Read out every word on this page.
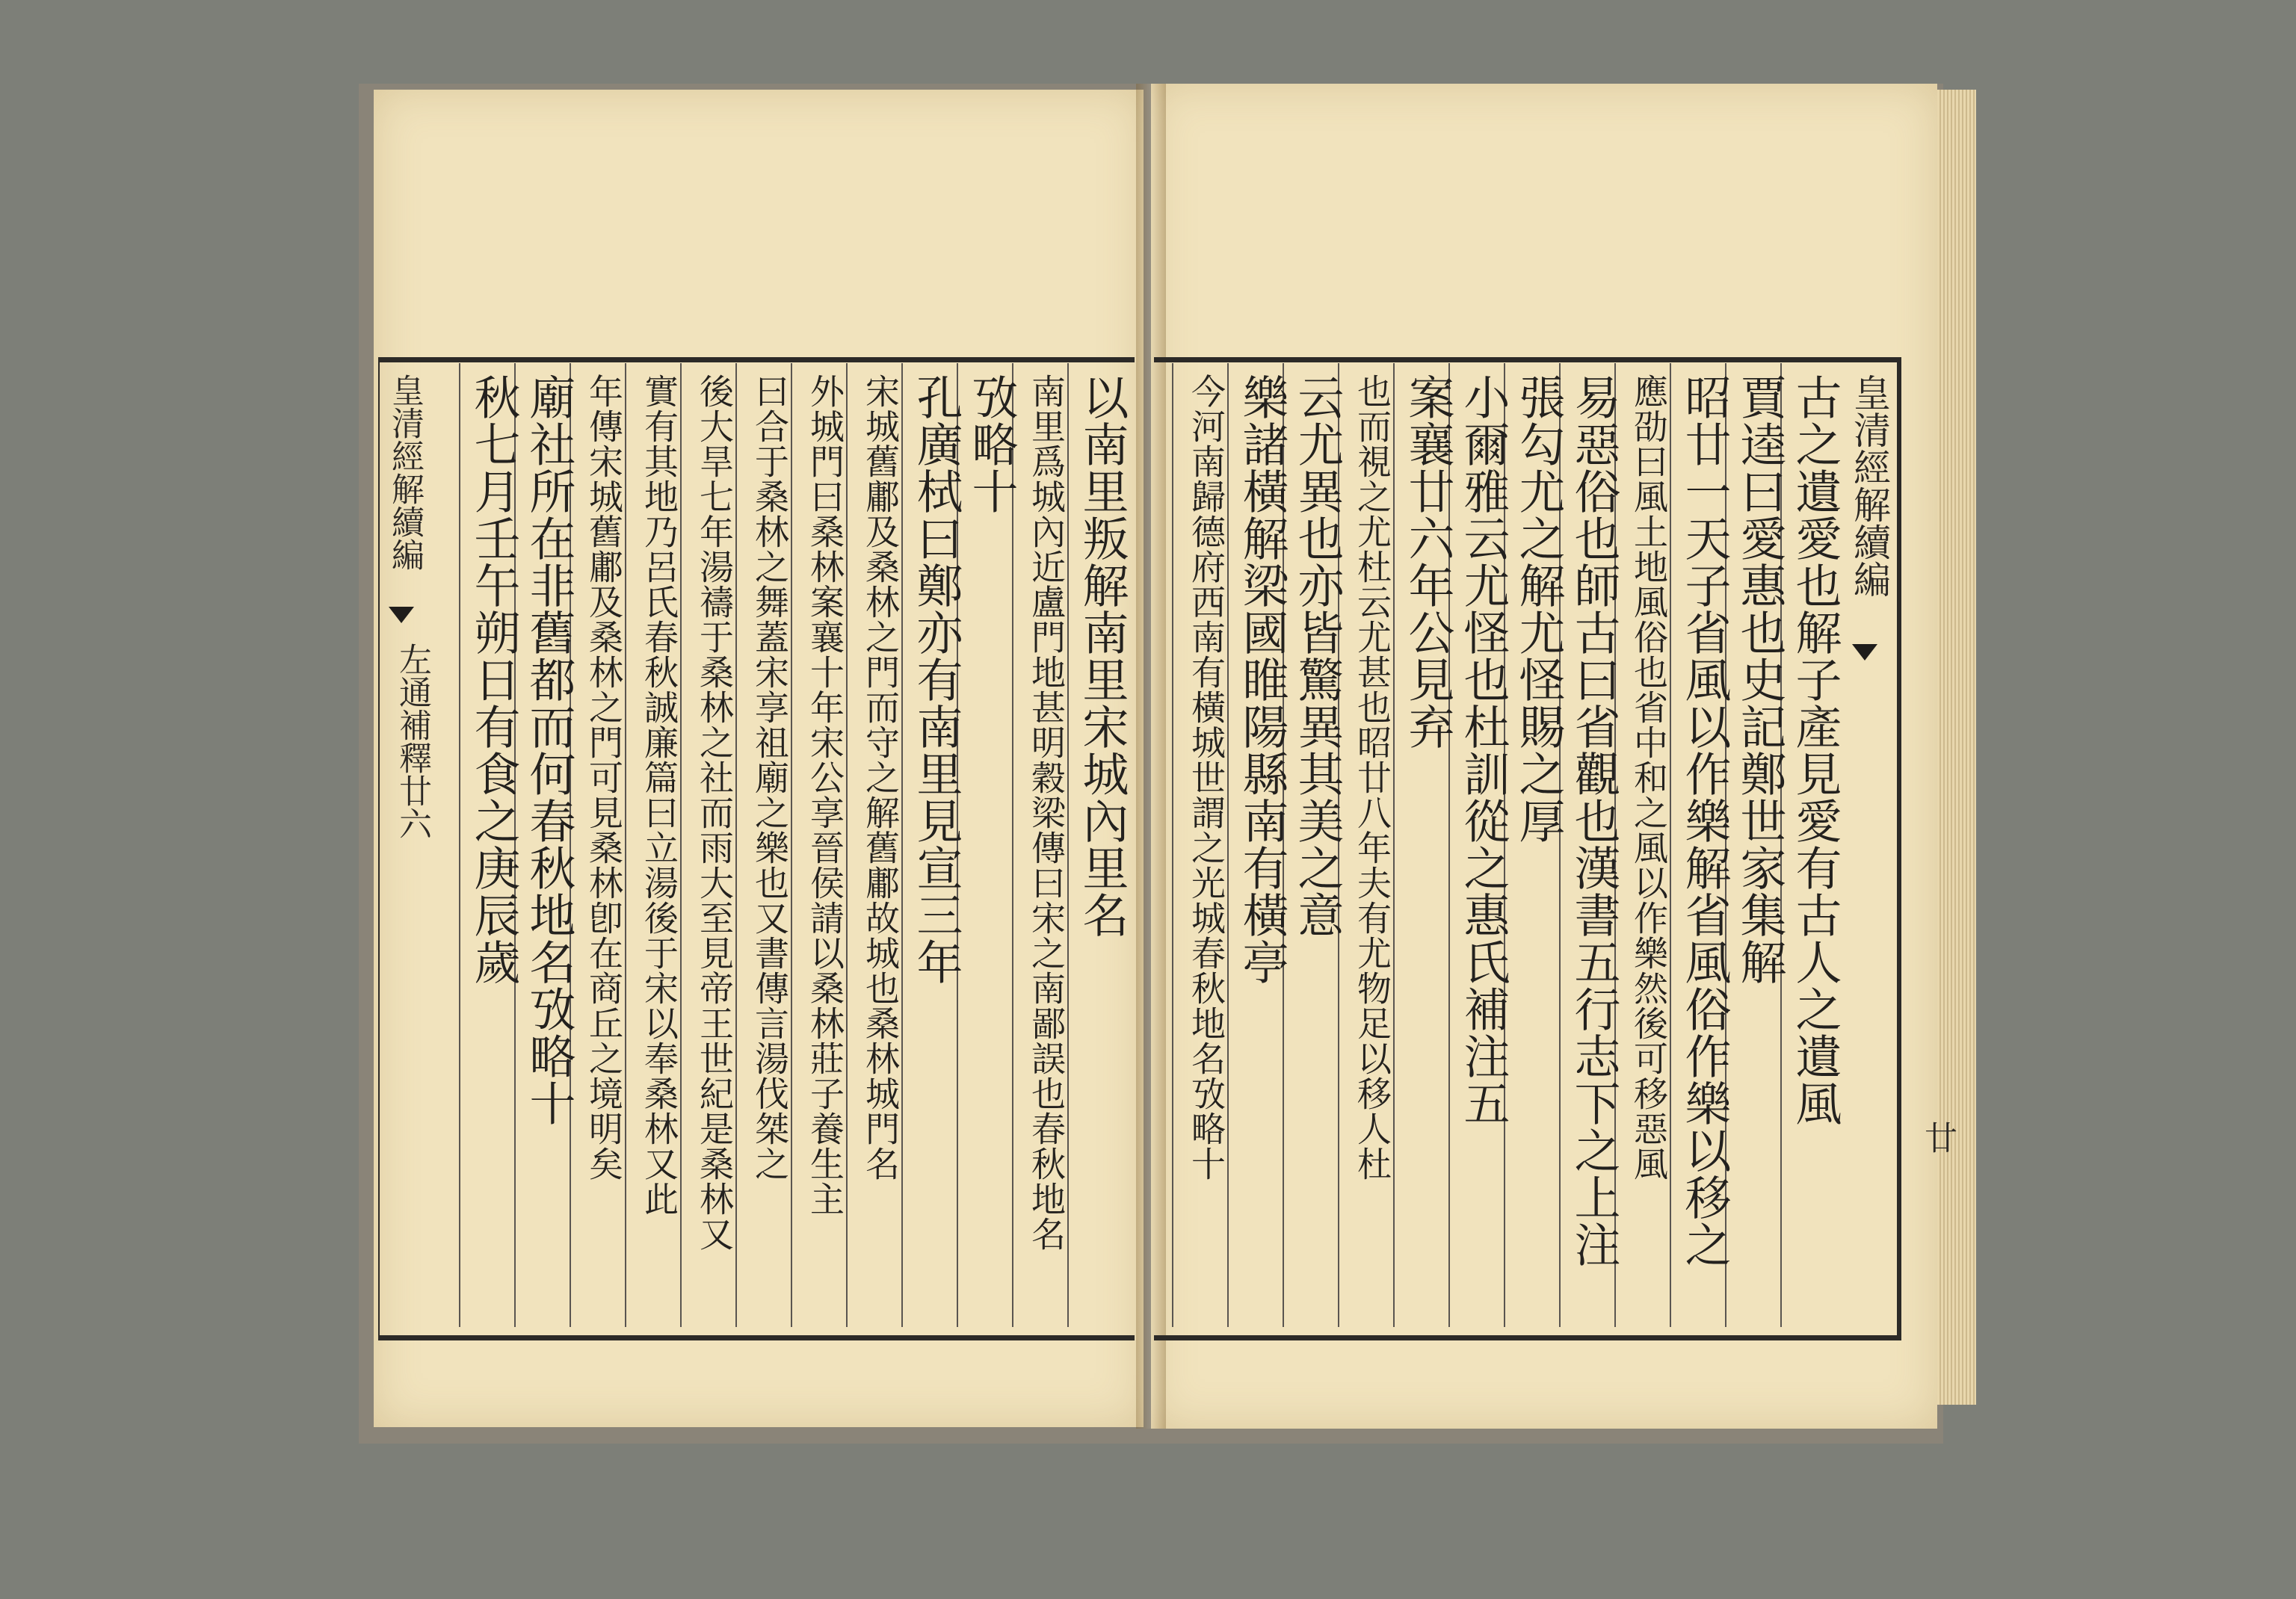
皇清經解續編
古之遺愛也解子產見愛有古人之遺風
賈逵曰愛惠也史記鄭世家集解
昭廿一天子省風以作樂解省風俗作樂以移之
應劭曰風土地風俗也省中和之風以作樂然後可移惡風
易惡俗也師古曰省觀也漢書五行志下之上注
張勾尤之解尤怪賜之厚
小爾雅云尤怪也杜訓從之惠氏補注五
案襄廿六年公見弃
也而視之尤杜云尤甚也昭廿八年夫有尤物足以移人杜
云尤異也亦皆驚異其美之意
樂諸橫解梁國睢陽縣南有橫亭
今河南歸德府西南有橫城世謂之光城春秋地名攷略十
皇清經解續編
左通補釋廿六
廿
以南里叛解南里宋城內里名
南里爲城內近盧門地甚明穀梁傳曰宋之南鄙誤也春秋地名
攷略十
孔廣栻曰鄭亦有南里見宣三年
宋城舊鄘及桑林之門而守之解舊鄘故城也桑林城門名
外城門曰桑林案襄十年宋公享晉侯請以桑林莊子養生主
曰合于桑林之舞蓋宋享祖廟之樂也又書傳言湯伐桀之
後大旱七年湯禱于桑林之社而雨大至見帝王世紀是桑林又
實有其地乃呂氏春秋誠廉篇曰立湯後于宋以奉桑林又此
年傳宋城舊鄘及桑林之門可見桑林卽在商丘之境明矣
廟社所在非舊都而何春秋地名攷略十
秋七月壬午朔日有食之庚辰歲
